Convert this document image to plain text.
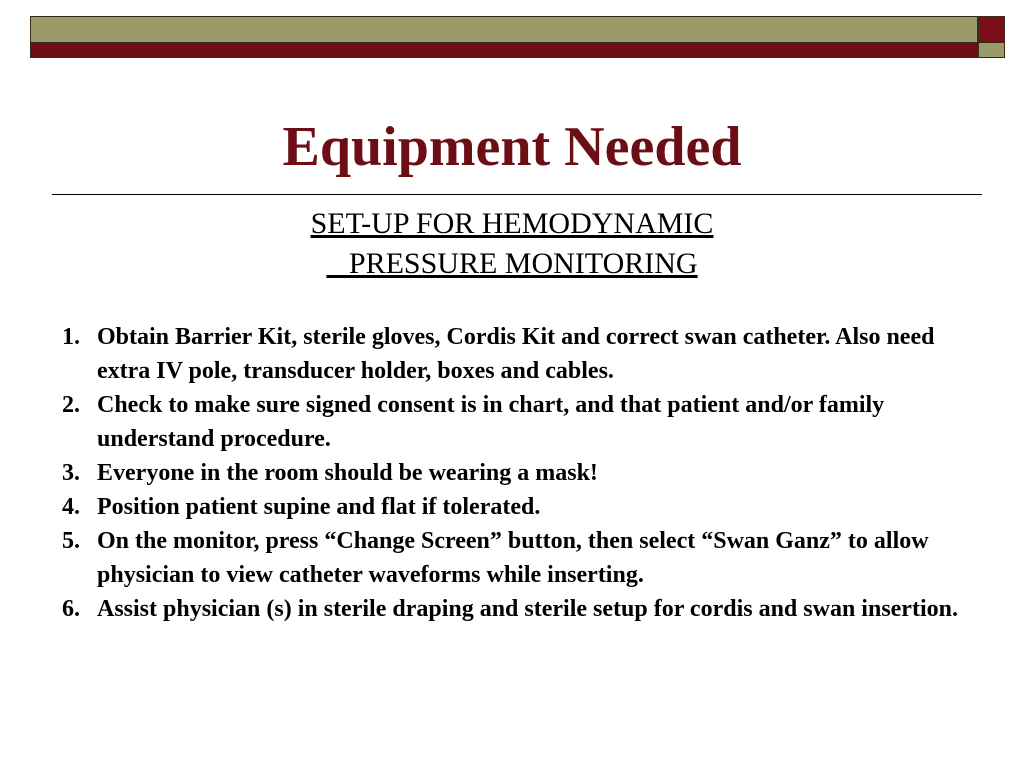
Equipment Needed
SET-UP FOR HEMODYNAMIC
PRESSURE MONITORING
1. Obtain Barrier Kit, sterile gloves, Cordis Kit and correct swan catheter. Also need extra IV pole, transducer holder, boxes and cables.
2. Check to make sure signed consent is in chart, and that patient and/or family understand procedure.
3. Everyone in the room should be wearing a mask!
4. Position patient supine and flat if tolerated.
5. On the monitor, press “Change Screen” button, then select “Swan Ganz” to allow physician to view catheter waveforms while inserting.
6. Assist physician (s) in sterile draping and sterile setup for cordis and swan insertion.
